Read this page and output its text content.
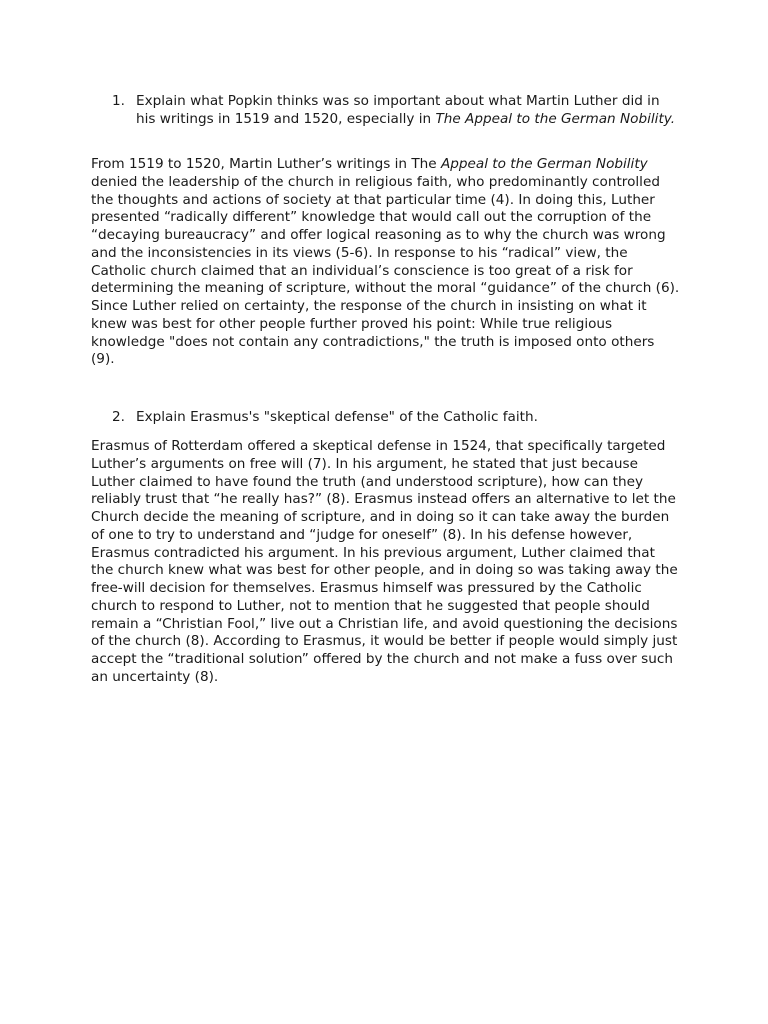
1. Explain what Popkin thinks was so important about what Martin Luther did in his writings in 1519 and 1520, especially in The Appeal to the German Nobility.
From 1519 to 1520, Martin Luther’s writings in The Appeal to the German Nobility denied the leadership of the church in religious faith, who predominantly controlled the thoughts and actions of society at that particular time (4). In doing this, Luther presented “radically different” knowledge that would call out the corruption of the “decaying bureaucracy” and offer logical reasoning as to why the church was wrong and the inconsistencies in its views (5-6). In response to his “radical” view, the Catholic church claimed that an individual’s conscience is too great of a risk for determining the meaning of scripture, without the moral “guidance” of the church (6). Since Luther relied on certainty, the response of the church in insisting on what it knew was best for other people further proved his point: While true religious knowledge "does not contain any contradictions," the truth is imposed onto others (9).
2. Explain Erasmus's "skeptical defense" of the Catholic faith.
Erasmus of Rotterdam offered a skeptical defense in 1524, that specifically targeted Luther’s arguments on free will (7). In his argument, he stated that just because Luther claimed to have found the truth (and understood scripture), how can they reliably trust that “he really has?” (8). Erasmus instead offers an alternative to let the Church decide the meaning of scripture, and in doing so it can take away the burden of one to try to understand and “judge for oneself” (8). In his defense however, Erasmus contradicted his argument. In his previous argument, Luther claimed that the church knew what was best for other people, and in doing so was taking away the free-will decision for themselves. Erasmus himself was pressured by the Catholic church to respond to Luther, not to mention that he suggested that people should remain a “Christian Fool,” live out a Christian life, and avoid questioning the decisions of the church (8). According to Erasmus, it would be better if people would simply just accept the “traditional solution” offered by the church and not make a fuss over such an uncertainty (8).
